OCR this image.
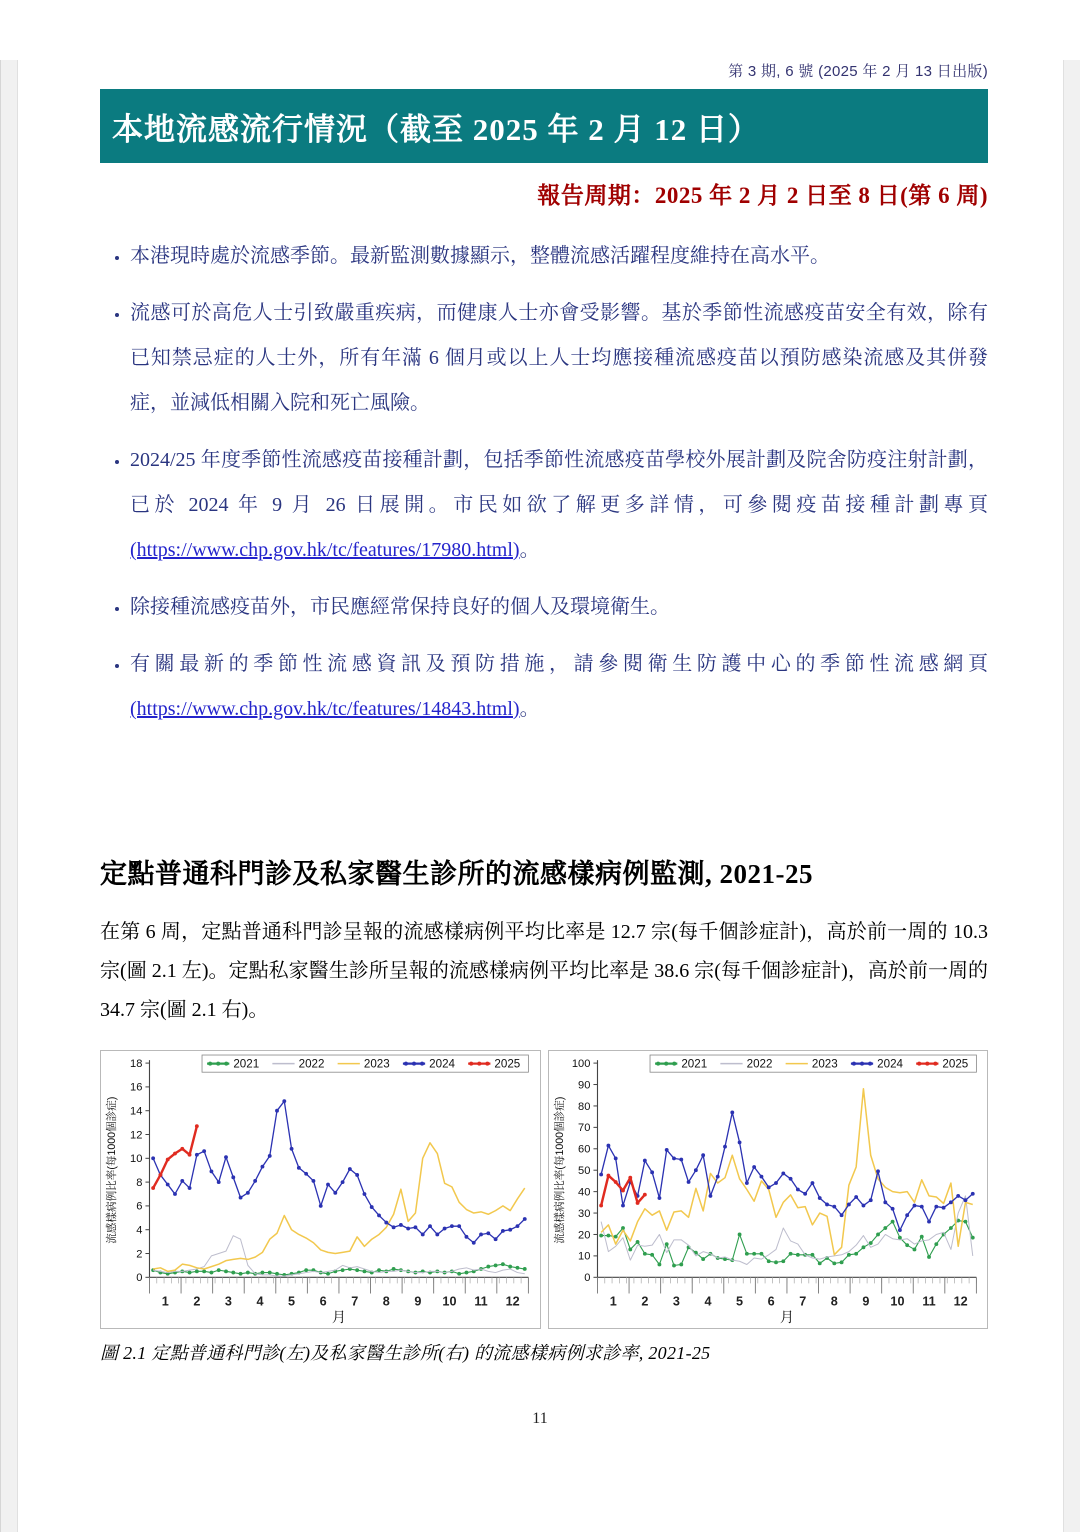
第 3 期, 6 號 (2025 年 2 月 13 日出版)
本地流感流行情況（截至 2025 年 2 月 12 日）
報告周期：2025 年 2 月 2 日至 8 日(第 6 周)
• 本港現時處於流感季節。最新監測數據顯示，整體流感活躍程度維持在高水平。
• 流感可於高危人士引致嚴重疾病，而健康人士亦會受影響。基於季節性流感疫苗安全有效，除有已知禁忌症的人士外，所有年滿 6 個月或以上人士均應接種流感疫苗以預防感染流感及其併發症，並減低相關入院和死亡風險。
• 2024/25 年度季節性流感疫苗接種計劃，包括季節性流感疫苗學校外展計劃及院舍防疫注射計劃，已於 2024 年 9 月 26 日展開。市民如欲了解更多詳情，可參閱疫苗接種計劃專頁(https://www.chp.gov.hk/tc/features/17980.html)。
• 除接種流感疫苗外，市民應經常保持良好的個人及環境衛生。
• 有關最新的季節性流感資訊及預防措施，請參閱衛生防護中心的季節性流感網頁 (https://www.chp.gov.hk/tc/features/14843.html)。
定點普通科門診及私家醫生診所的流感樣病例監測, 2021-25

在第 6 周，定點普通科門診呈報的流感樣病例平均比率是 12.7 宗(每千個診症計)，高於前一周的 10.3 宗(圖 2.1 左)。定點私家醫生診所呈報的流感樣病例平均比率是 38.6 宗(每千個診症計)，高於前一周的 34.7 宗(圖 2.1 右)。

0
2
4
6
8
10
12
14
16
18
1 2 3 4 5 6 7 8 9 10 11 12
月
流感樣病例比率(每1000個診症)
2021	2022	2023	2024	2025
0
10
20
30
40
50
60
70
80
90
100
1 2 3 4 5 6 7 8 9 10 11 12
月
流感樣病例比率(每1000個診症)
2021	2022	2023	2024	2025

圖 2.1 定點普通科門診(左)及私家醫生診所(右) 的流感樣病例求診率, 2021-25

11
